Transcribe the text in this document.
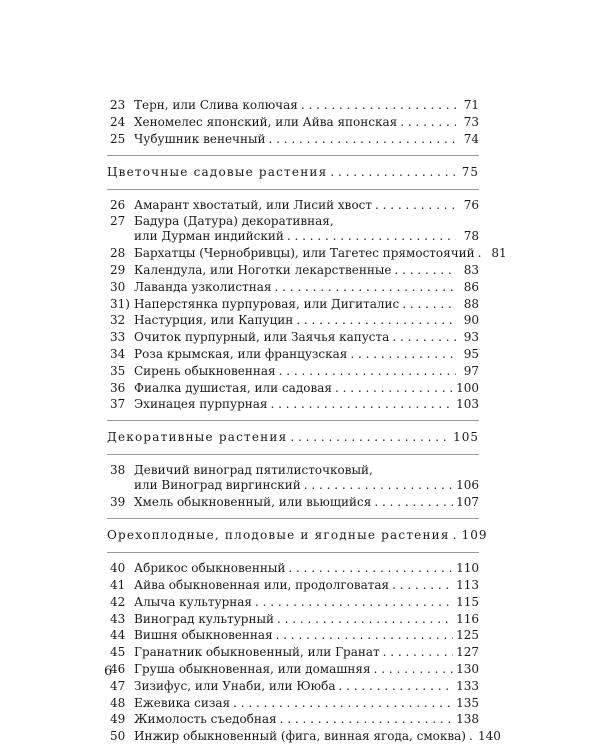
23 Терн, или Слива колючая . . .	71
24 Хеномелес японский, или Айва японская . . .	73
25 Чубушник венечный . . .	74
Цветочные садовые растения . . .	75
26 Амарант хвостатый, или Лисий хвост . . .	76
27 Бадура (Датура) декоративная,
или Дурман индийский . . .	78
28 Бархатцы (Чернобривцы), или Тагетес прямостоячий . . .	81
29 Календула, или Ноготки лекарственные . . .	83
30 Лаванда узколистная . . .	86
31) Наперстянка пурпуровая, или Дигиталис . . .	88
32 Настурция, или Капуцин . . .	90
33 Очиток пурпурный, или Заячья капуста . . .	93
34 Роза крымская, или французская . . .	95
35 Сирень обыкновенная . . .	97
36 Фиалка душистая, или садовая . . .	100
37 Эхинацея пурпурная . . .	103
Декоративные растения . . .	105
38 Девичий виноград пятилисточковый,
или Виноград виргинский . . .	106
39 Хмель обыкновенный, или вьющийся . . .	107
Орехоплодные, плодовые и ягодные растения . . . 109
40 Абрикос обыкновенный . . .	110
41 Айва обыкновенная или, продолговатая . . .	113
42 Алыча культурная . . .	115
43 Виноград культурный . . .	116
44 Вишня обыкновенная . . .	125
45 Гранатник обыкновенный, или Гранат . . .	127
46 Груша обыкновенная, или домашняя . . .	130
47 Зизифус, или Унаби, или Ююба . . .	133
48 Ежевика сизая . . .	135
49 Жимолость съедобная . . .	138
50 Инжир обыкновенный (фига, винная ягода, смоква) . . . 140
6
